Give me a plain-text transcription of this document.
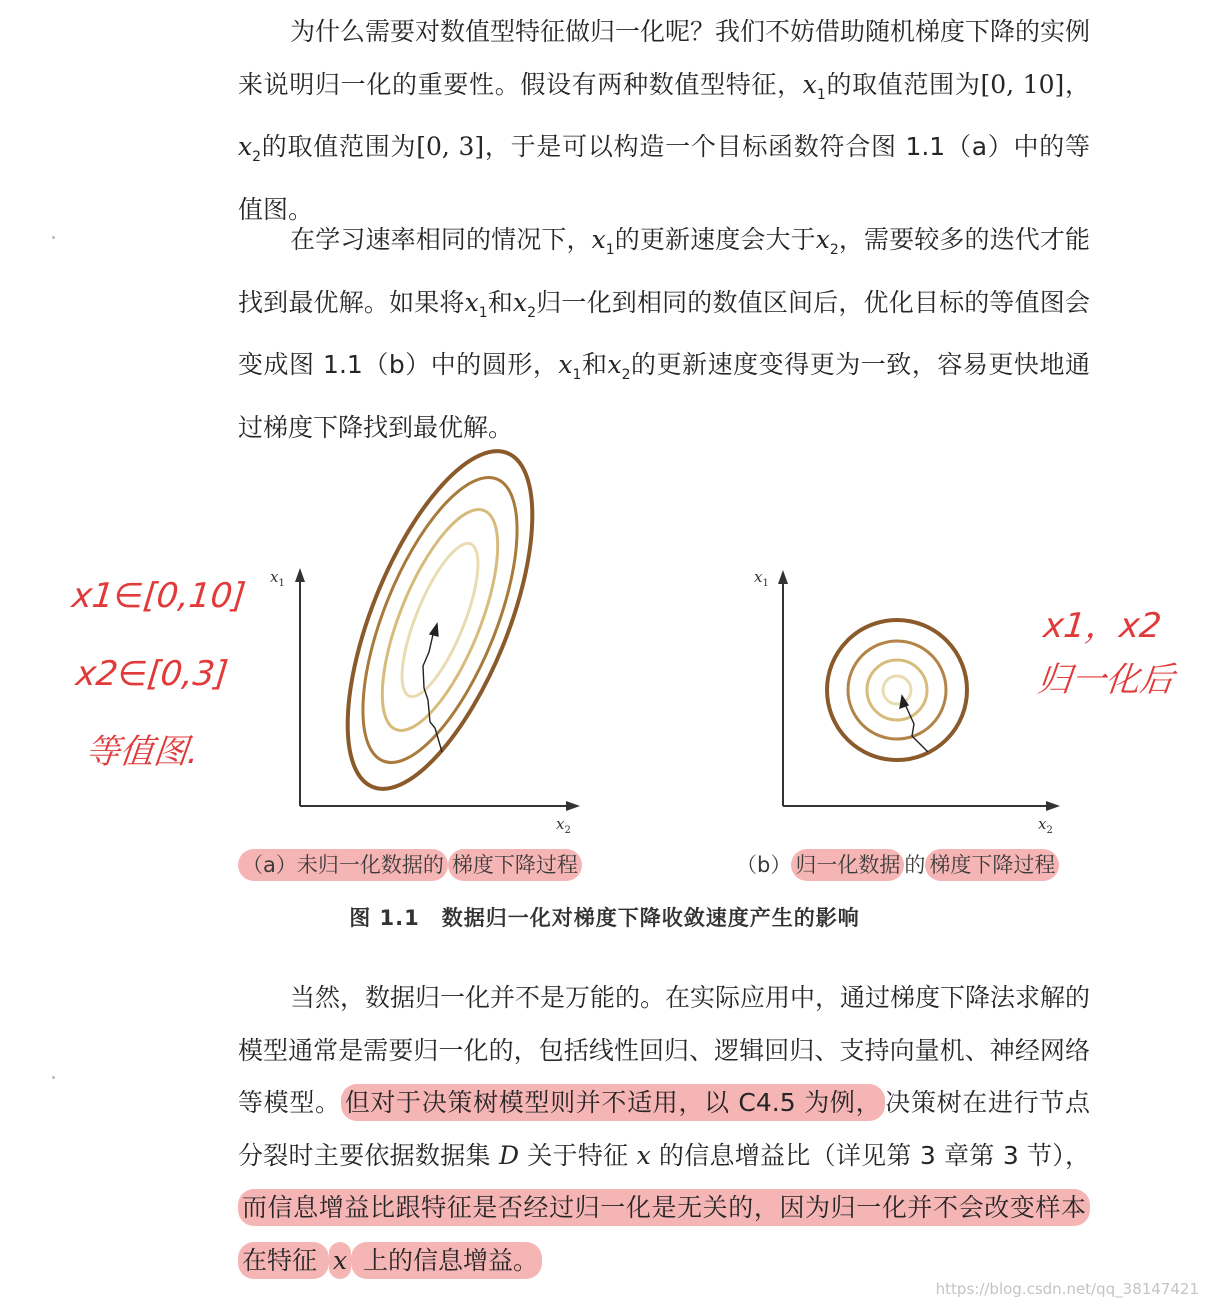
为什么需要对数值型特征做归一化呢？我们不妨借助随机梯度下降的实例来说明归一化的重要性。假设有两种数值型特征，$x_1$的取值范围为[0, 10]，$x_2$的取值范围为[0, 3]，于是可以构造一个目标函数符合图 1.1（a）中的等值图。

在学习速率相同的情况下，$x_1$的更新速度会大于$x_2$，需要较多的迭代才能找到最优解。如果将$x_1$和$x_2$归一化到相同的数值区间后，优化目标的等值图会变成图 1.1（b）中的圆形，$x_1$和$x_2$的更新速度变得更为一致，容易更快地通过梯度下降找到最优解。

$x_1$
$x_2$
$x_1$
$x_2$
（a）未归一化数据的 梯度下降过程	（b） 归一化数据 的 梯度下降过程
图 1.1　数据归一化对梯度下降收敛速度产生的影响

当然，数据归一化并不是万能的。在实际应用中，通过梯度下降法求解的模型通常是需要归一化的，包括线性回归、逻辑回归、支持向量机、神经网络等模型。 但对于决策树模型则并不适用，以 C4.5 为例， 决策树在进行节点分裂时主要依据数据集 D 关于特征 x 的信息增益比（详见第 3 章第 3 节），而信息增益比跟特征是否经过归一化是无关的，因为归一化并不会改变样本在特征 x 上的信息增益。

x1∈[0,10]
x2∈[0,3]
等值图.
x1，x2
归一化后
https://blog.csdn.net/qq_38147421
